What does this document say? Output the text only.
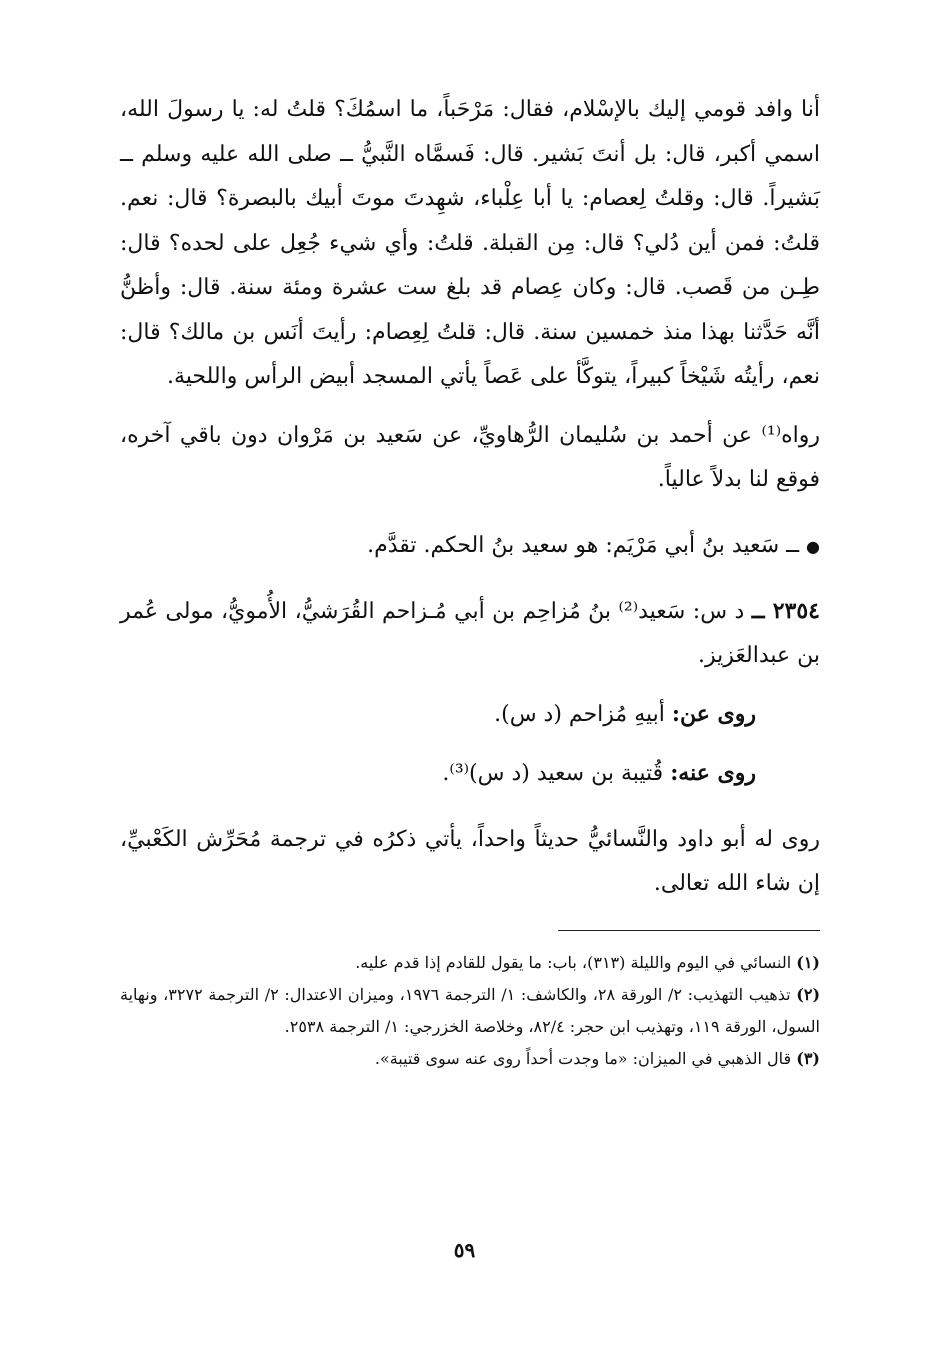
أنا وافد قومي إليك بالإسْلام، فقال: مَرْحَباً، ما اسمُكَ؟ قلتُ له: يا رسولَ الله، اسمي أكبر، قال: بل أنتَ بَشير. قال: فَسمَّاه النَّبيُّ ــ صلى الله عليه وسلم ــ بَشيراً. قال: وقلتُ لِعصام: يا أبا عِلْباء، شهِدتَ موتَ أبيك بالبصرة؟ قال: نعم. قلتُ: فمن أين دُلي؟ قال: مِن القبلة. قلتُ: وأي شيء جُعِل على لحده؟ قال: طِـن من قَصب. قال: وكان عِصام قد بلغ ست عشرة ومئة سنة. قال: وأظنُّ أنَّه حَدَّثنا بهذا منذ خمسين سنة. قال: قلتُ لِعِصام: رأيتَ أنَس بن مالك؟ قال: نعم، رأيتُه شَيْخاً كبيراً، يتوكَّأ على عَصاً يأتي المسجد أبيض الرأس واللحية.

رواه⁽¹⁾ عن أحمد بن سُليمان الرُّهاويِّ، عن سَعيد بن مَرْوان دون باقي آخره، فوقع لنا بدلاً عالياً.

● ــ سَعيد بنُ أبي مَرْيَم: هو سعيد بنُ الحكم. تقدَّم.

٢٣٥٤ ــ د س: سَعيد⁽²⁾ بنُ مُزاحِم بن أبي مُـزاحم القُرَشيُّ، الأُمويُّ، مولى عُمر بن عبدالعَزيز.

روى عن: أبيهِ مُزاحم (د س).

روى عنه: قُتيبة بن سعيد (د س)⁽³⁾.

روى له أبو داود والنَّسائيُّ حديثاً واحداً، يأتي ذكرُه في ترجمة مُحَرِّش الكَعْبيِّ، إن شاء الله تعالى.

(١) النسائي في اليوم والليلة (٣١٣)، باب: ما يقول للقادم إذا قدم عليه.

(٢) تذهيب التهذيب: ٢/ الورقة ٢٨، والكاشف: ١/ الترجمة ١٩٧٦، وميزان الاعتدال: ٢/ الترجمة ٣٢٧٢، ونهاية السول، الورقة ١١٩، وتهذيب ابن حجر: ٨٢/٤، وخلاصة الخزرجي: ١/ الترجمة ٢٥٣٨.

(٣) قال الذهبي في الميزان: «ما وجدت أحداً روى عنه سوى قتيبة».

٥٩
